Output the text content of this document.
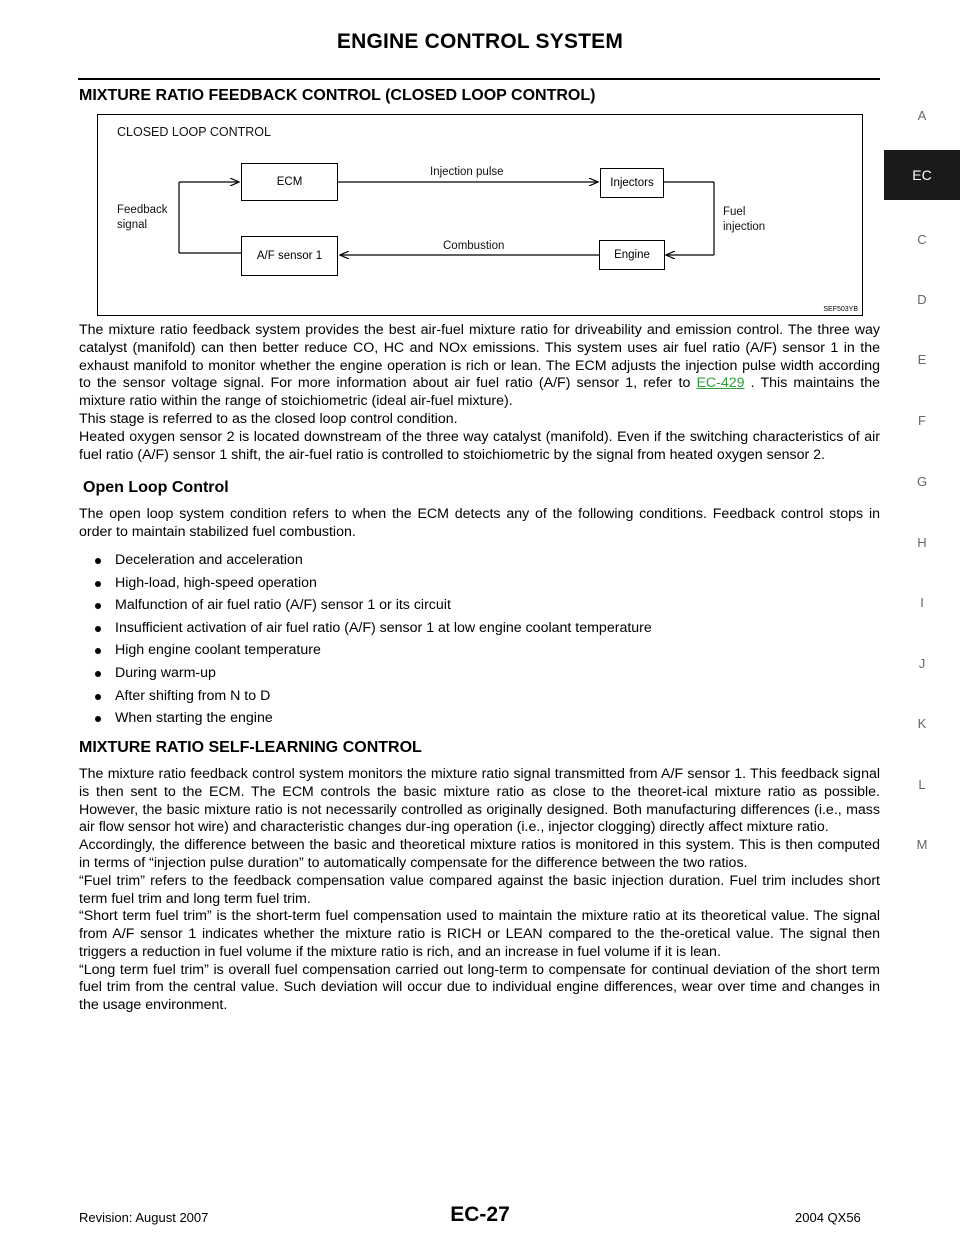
ENGINE CONTROL SYSTEM
A
EC
C
D
E
F
G
H
I
J
K
L
M
MIXTURE RATIO FEEDBACK CONTROL (CLOSED LOOP CONTROL)
CLOSED LOOP CONTROL
ECM
A/F sensor 1
Injectors
Engine
Injection pulse
Combustion
Feedback
signal
Fuel
injection
SEF503YB

The mixture ratio feedback system provides the best air-fuel mixture ratio for driveability and emission control. The three way catalyst (manifold) can then better reduce CO, HC and NOx emissions. This system uses air fuel ratio (A/F) sensor 1 in the exhaust manifold to monitor whether the engine operation is rich or lean. The ECM adjusts the injection pulse width according to the sensor voltage signal. For more information about air fuel ratio (A/F) sensor 1, refer to EC-429 . This maintains the mixture ratio within the range of stoichiometric (ideal air-fuel mixture).

This stage is referred to as the closed loop control condition.

Heated oxygen sensor 2 is located downstream of the three way catalyst (manifold). Even if the switching characteristics of air fuel ratio (A/F) sensor 1 shift, the air-fuel ratio is controlled to stoichiometric by the signal from heated oxygen sensor 2.

Open Loop Control

The open loop system condition refers to when the ECM detects any of the following conditions. Feedback control stops in order to maintain stabilized fuel combustion.

Deceleration and acceleration
High-load, high-speed operation
Malfunction of air fuel ratio (A/F) sensor 1 or its circuit
Insufficient activation of air fuel ratio (A/F) sensor 1 at low engine coolant temperature
High engine coolant temperature
During warm-up
After shifting from N to D
When starting the engine
MIXTURE RATIO SELF-LEARNING CONTROL

The mixture ratio feedback control system monitors the mixture ratio signal transmitted from A/F sensor 1. This feedback signal is then sent to the ECM. The ECM controls the basic mixture ratio as close to the theoret-ical mixture ratio as possible. However, the basic mixture ratio is not necessarily controlled as originally designed. Both manufacturing differences (i.e., mass air flow sensor hot wire) and characteristic changes dur-ing operation (i.e., injector clogging) directly affect mixture ratio.

Accordingly, the difference between the basic and theoretical mixture ratios is monitored in this system. This is then computed in terms of “injection pulse duration” to automatically compensate for the difference between the two ratios.

“Fuel trim” refers to the feedback compensation value compared against the basic injection duration. Fuel trim includes short term fuel trim and long term fuel trim.

“Short term fuel trim” is the short-term fuel compensation used to maintain the mixture ratio at its theoretical value. The signal from A/F sensor 1 indicates whether the mixture ratio is RICH or LEAN compared to the the-oretical value. The signal then triggers a reduction in fuel volume if the mixture ratio is rich, and an increase in fuel volume if it is lean.

“Long term fuel trim” is overall fuel compensation carried out long-term to compensate for continual deviation of the short term fuel trim from the central value. Such deviation will occur due to individual engine differences, wear over time and changes in the usage environment.

Revision: August 2007	EC-27	2004 QX56
